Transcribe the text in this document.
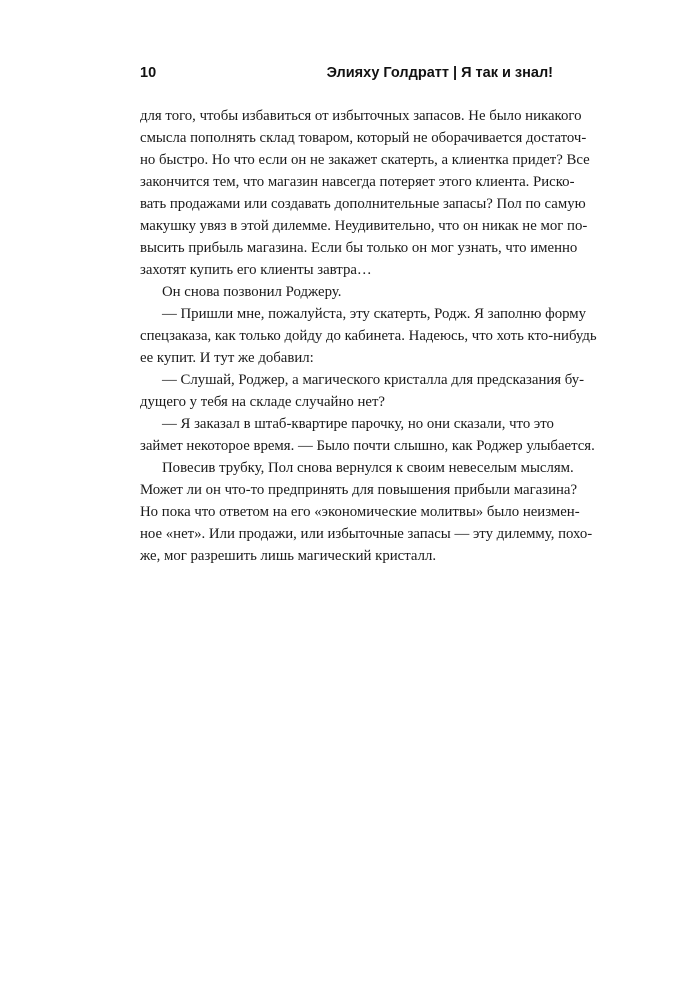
10	Элияху Голдратт | Я так и знал!
для того, чтобы избавиться от избыточных запасов. Не было никакого
смысла пополнять склад товаром, который не оборачивается достаточ-
но быстро. Но что если он не закажет скатерть, а клиентка придет? Все
закончится тем, что магазин навсегда потеряет этого клиента. Риско-
вать продажами или создавать дополнительные запасы? Пол по самую
макушку увяз в этой дилемме. Неудивительно, что он никак не мог по-
высить прибыль магазина. Если бы только он мог узнать, что именно
захотят купить его клиенты завтра…
Он снова позвонил Роджеру.
— Пришли мне, пожалуйста, эту скатерть, Родж. Я заполню форму
спецзаказа, как только дойду до кабинета. Надеюсь, что хоть кто-нибудь
ее купит. И тут же добавил:
— Слушай, Роджер, а магического кристалла для предсказания бу-
дущего у тебя на складе случайно нет?
— Я заказал в штаб-квартире парочку, но они сказали, что это
займет некоторое время. — Было почти слышно, как Роджер улыбается.
Повесив трубку, Пол снова вернулся к своим невеселым мыслям.
Может ли он что-то предпринять для повышения прибыли магазина?
Но пока что ответом на его «экономические молитвы» было неизмен-
ное «нет». Или продажи, или избыточные запасы — эту дилемму, похо-
же, мог разрешить лишь магический кристалл.
